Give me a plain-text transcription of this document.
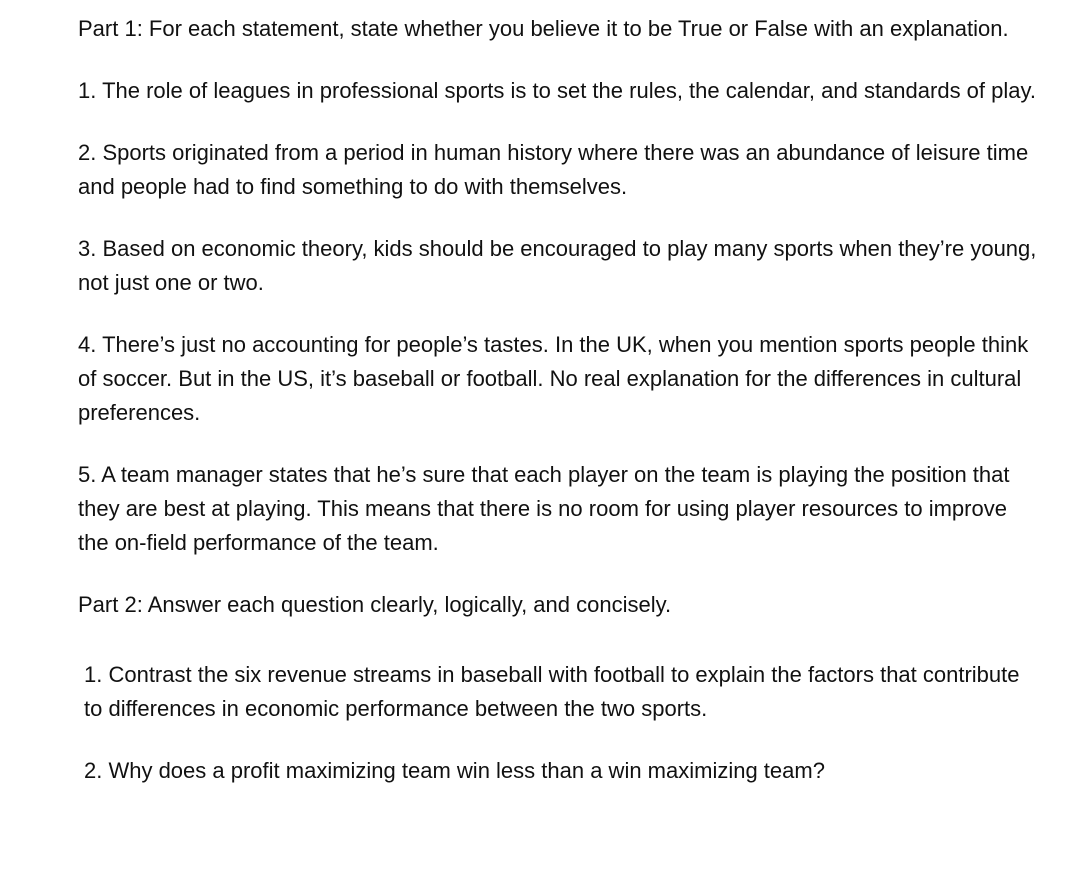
Part 1: For each statement, state whether you believe it to be True or False with an explanation.

1. The role of leagues in professional sports is to set the rules, the calendar, and standards of play.

2. Sports originated from a period in human history where there was an abundance of leisure time and people had to find something to do with themselves.

3. Based on economic theory, kids should be encouraged to play many sports when they’re young, not just one or two.

4. There’s just no accounting for people’s tastes. In the UK, when you mention sports people think of soccer. But in the US, it’s baseball or football. No real explanation for the differences in cultural preferences.

5. A team manager states that he’s sure that each player on the team is playing the position that they are best at playing. This means that there is no room for using player resources to improve the on-field performance of the team.

Part 2: Answer each question clearly, logically, and concisely.

1. Contrast the six revenue streams in baseball with football to explain the factors that contribute to differences in economic performance between the two sports.

2. Why does a profit maximizing team win less than a win maximizing team?
